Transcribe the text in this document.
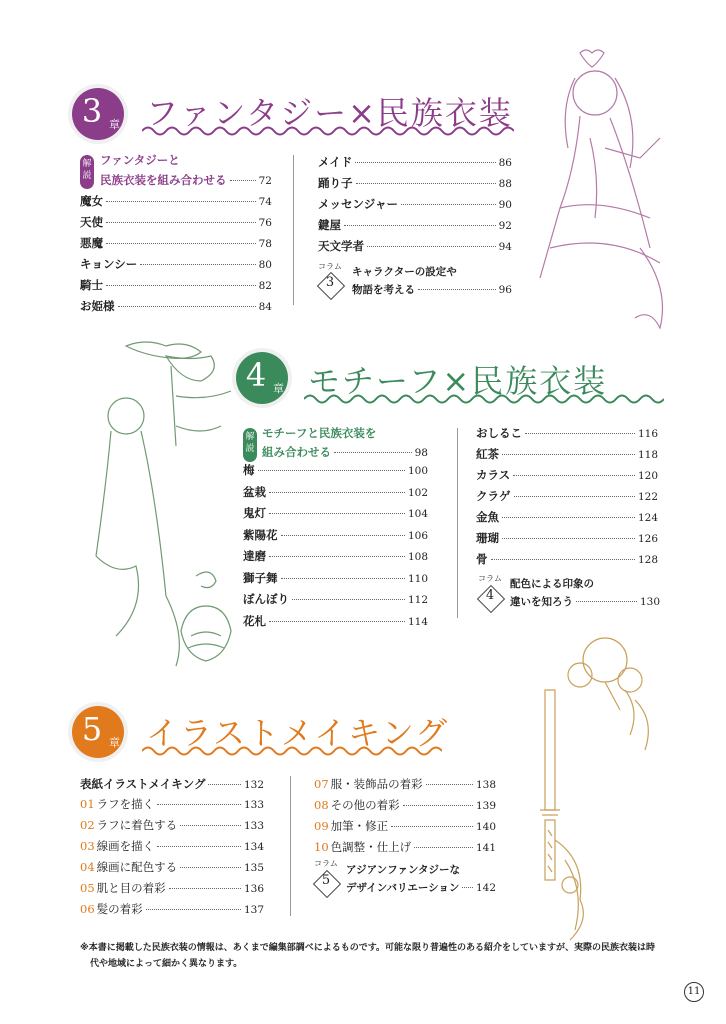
3 章 ファンタジー×民族衣装
解説
ファンタジーと
民族衣装を組み合わせる	72
魔女	74
天使	76
悪魔	78
キョンシー	80
騎士	82
お姫様	84
メイド	86
踊り子	88
メッセンジャー	90
鍵屋	92
天文学者	94
コラム
3
キャラクターの設定や
物語を考える	96
4 章 モチーフ×民族衣装
解説
モチーフと民族衣装を
組み合わせる	98
梅	100
盆栽	102
鬼灯	104
紫陽花	106
達磨	108
獅子舞	110
ぼんぼり	112
花札	114
おしるこ	116
紅茶	118
カラス	120
クラゲ	122
金魚	124
珊瑚	126
骨	128
コラム
4
配色による印象の
違いを知ろう	130
5 章 イラストメイキング
表紙イラストメイキング	132
01 ラフを描く	133
02 ラフに着色する	133
03 線画を描く	134
04 線画に配色する	135
05 肌と目の着彩	136
06 髪の着彩	137
07 服・装飾品の着彩	138
08 その他の着彩	139
09 加筆・修正	140
10 色調整・仕上げ	141
コラム
5
アジアンファンタジーな
デザインバリエーション 142
※本書に掲載した民族衣装の情報は、あくまで編集部調べによるものです。可能な限り普遍性のある紹介をしていますが、実際の民族衣装は時
代や地域によって細かく異なります。
11
